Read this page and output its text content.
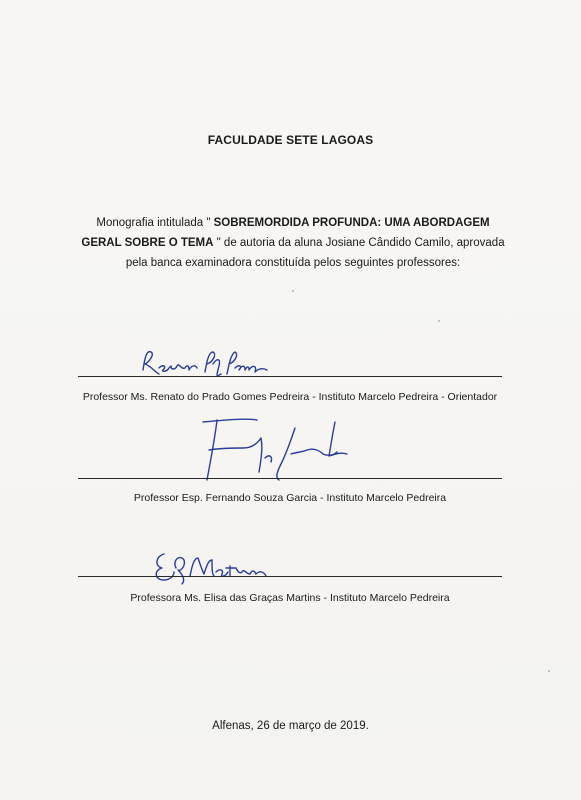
FACULDADE SETE LAGOAS
Monografia intitulada " SOBREMORDIDA PROFUNDA: UMA ABORDAGEM
GERAL SOBRE O TEMA " de autoria da aluna Josiane Cândido Camilo, aprovada
pela banca examinadora constituída pelos seguintes professores:
Professor Ms. Renato do Prado Gomes Pedreira - Instituto Marcelo Pedreira - Orientador
Professor Esp. Fernando Souza Garcia - Instituto Marcelo Pedreira
Professora Ms. Elisa das Graças Martins - Instituto Marcelo Pedreira
Alfenas, 26 de março de 2019.
